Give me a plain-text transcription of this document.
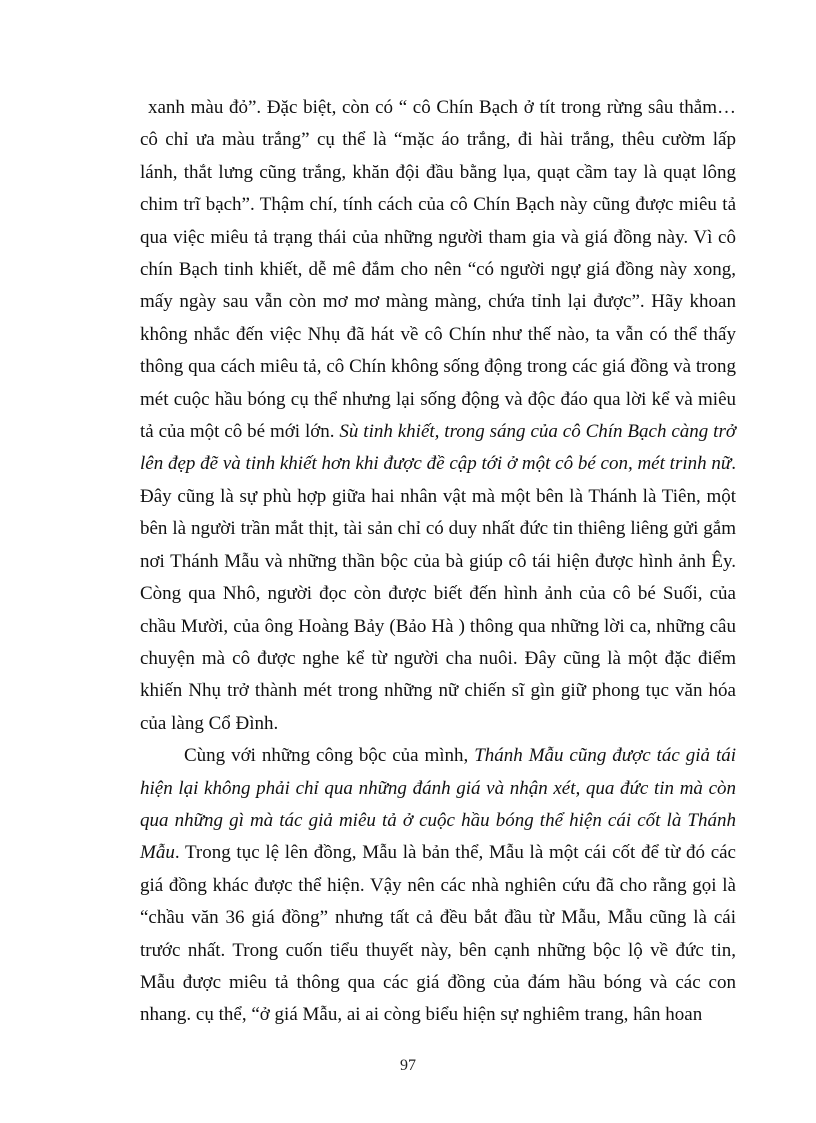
xanh màu đỏ”. Đặc biệt, còn có “ cô Chín Bạch ở tít trong rừng sâu thẳm…cô chỉ ưa màu trắng” cụ thể là “mặc áo trắng, đi hài trắng, thêu cườm lấp lánh, thắt lưng cũng trắng, khăn đội đầu bằng lụa, quạt cầm tay là quạt lông chim trĩ bạch”. Thậm chí, tính cách của cô Chín Bạch này cũng được miêu tả qua việc miêu tả trạng thái của những người tham gia và giá đồng này. Vì cô chín Bạch tinh khiết, dễ mê đắm cho nên “có người ngự giá đồng này xong, mấy ngày sau vẫn còn mơ mơ màng màng, chứa tỉnh lại được”. Hãy khoan không nhắc đến việc Nhụ đã hát về cô Chín như thế nào, ta vẫn có thể thấy thông qua cách miêu tả, cô Chín không sống động trong các giá đồng và trong mét cuộc hầu bóng cụ thể nhưng lại sống động và độc đáo qua lời kể và miêu tả của một cô bé mới lớn. Sù tinh khiết, trong sáng của cô Chín Bạch càng trở lên đẹp đẽ và tinh khiết hơn khi được đề cập tới ở một cô bé con, mét trinh nữ. Đây cũng là sự phù hợp giữa hai nhân vật mà một bên là Thánh là Tiên, một bên là người trần mắt thịt, tài sản chỉ có duy nhất đức tin thiêng liêng gửi gắm nơi Thánh Mẫu và những thần bộc của bà giúp cô tái hiện được hình ảnh Êy. Còng qua Nhô, người đọc còn được biết đến hình ảnh của cô bé Suối, của chầu Mười, của ông Hoàng Bảy (Bảo Hà ) thông qua những lời ca, những câu chuyện mà cô được nghe kể từ người cha nuôi. Đây cũng là một đặc điểm khiến Nhụ trở thành mét trong những nữ chiến sĩ gìn giữ phong tục văn hóa của làng Cổ Đình.

Cùng với những công bộc của mình, Thánh Mẫu cũng được tác giả tái hiện lại không phải chỉ qua những đánh giá và nhận xét, qua đức tin mà còn qua những gì mà tác giả miêu tả ở cuộc hầu bóng thể hiện cái cốt là Thánh Mẫu. Trong tục lệ lên đồng, Mẫu là bản thể, Mẫu là một cái cốt để từ đó các giá đồng khác được thể hiện. Vậy nên các nhà nghiên cứu đã cho rằng gọi là “chầu văn 36 giá đồng” nhưng tất cả đều bắt đầu từ Mẫu, Mẫu cũng là cái trước nhất. Trong cuốn tiểu thuyết này, bên cạnh những bộc lộ về đức tin, Mẫu được miêu tả thông qua các giá đồng của đám hầu bóng và các con nhang. cụ thể, “ở giá Mẫu, ai ai còng biểu hiện sự nghiêm trang, hân hoan

97
